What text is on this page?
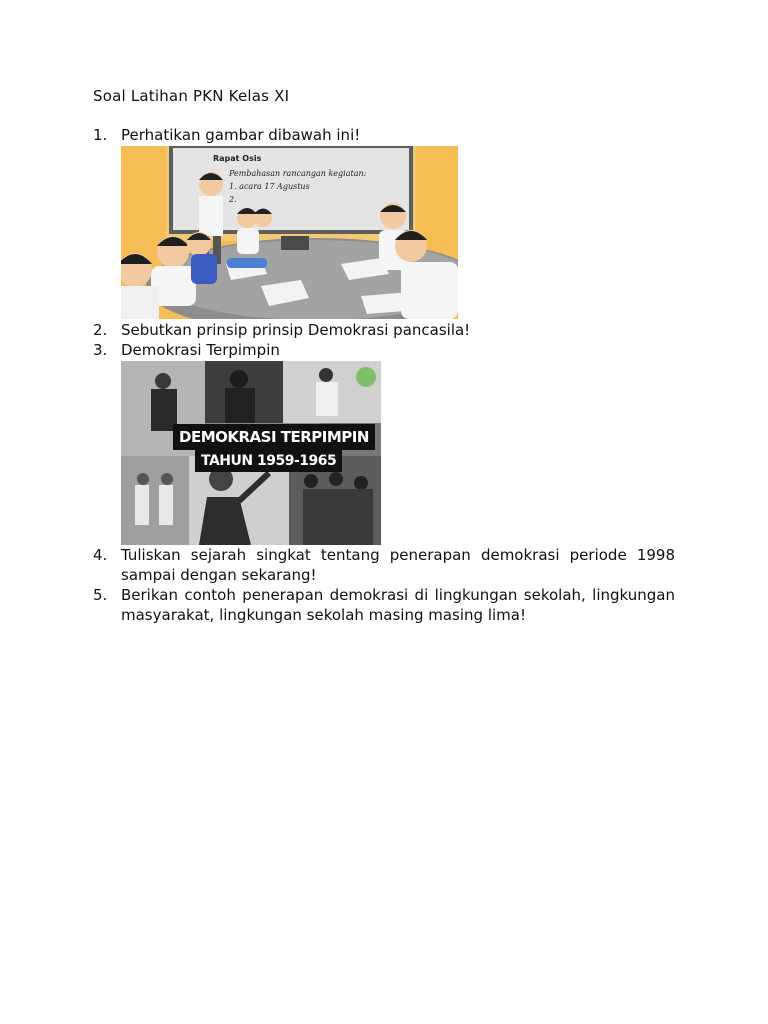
Soal Latihan PKN Kelas XI
1. Perhatikan gambar dibawah ini!
Rapat Osis
Pembahasan rancangan kegiatan:
1. acara 17 Agustus
2.
2. Sebutkan prinsip prinsip Demokrasi pancasila!
3. Demokrasi Terpimpin
DEMOKRASI TERPIMPIN
TAHUN 1959-1965
4. Tuliskan sejarah singkat tentang penerapan demokrasi periode 1998 sampai dengan sekarang!
5. Berikan contoh penerapan demokrasi di lingkungan sekolah, lingkungan masyarakat, lingkungan sekolah masing masing lima!
